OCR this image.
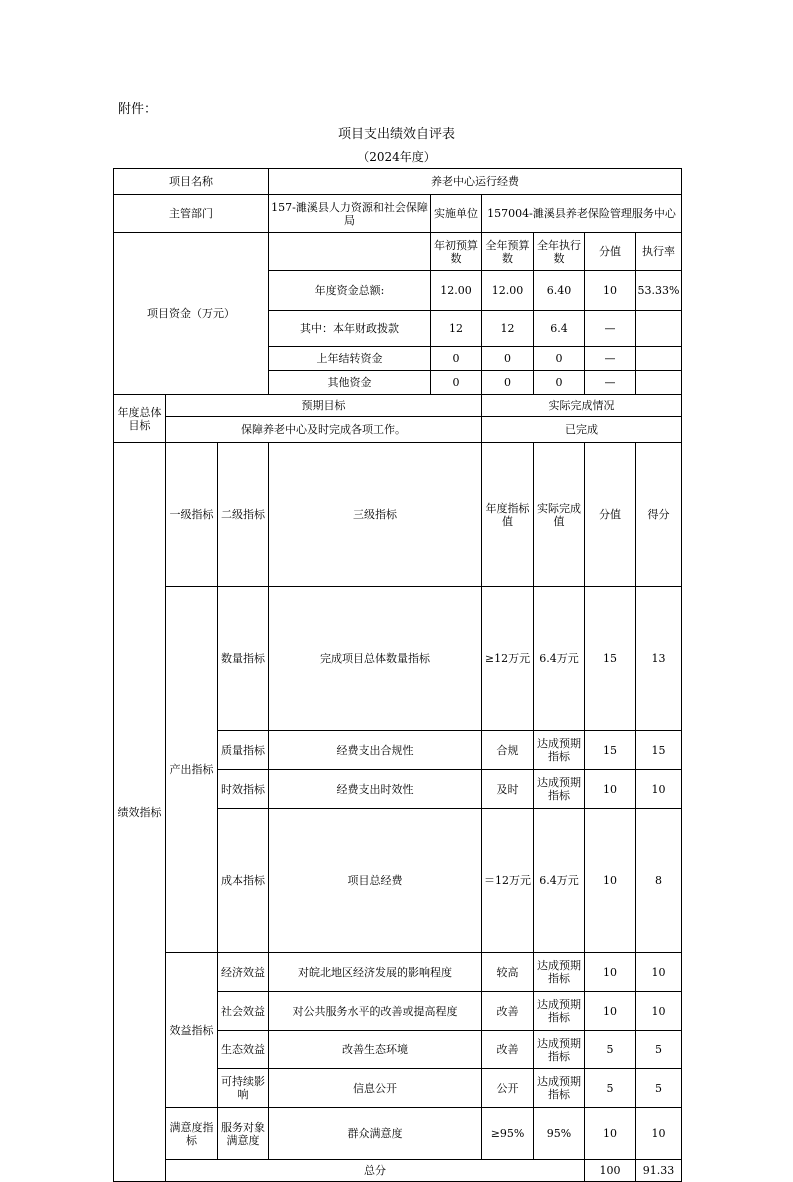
附件：
项目支出绩效自评表
（2024年度）
项目名称			养老中心运行经费						
主管部门			157-濉溪县人力资源和社会保障局	实施单位	157004-濉溪县养老保险管理服务中心				
项目资金（万元）				年初预算数	全年预算数	全年执行数	分值	执行率	
			年度资金总额:	12.00	12.00	6.40	10	53.33%	
			其中：本年财政拨款	12	12	6.4	—		
			上年结转资金	0	0	0	—		
			其他资金	0	0	0	—		
年度总体目标	预期目标				实际完成情况				
	保障养老中心及时完成各项工作。				已完成				
绩效指标	一级指标	二级指标	三级指标		年度指标值	实际完成值	分值	得分	
	产出指标	数量指标	完成项目总体数量指标		≥12万元	6.4万元	15	13	
		质量指标	经费支出合规性		合规	达成预期指标	15	15	
		时效指标	经费支出时效性		及时	达成预期指标	10	10	
		成本指标	项目总经费		＝12万元	6.4万元	10	8	
	效益指标	经济效益	对皖北地区经济发展的影响程度		较高	达成预期指标	10	10	
		社会效益	对公共服务水平的改善或提高程度		改善	达成预期指标	10	10	
		生态效益	改善生态环境		改善	达成预期指标	5	5	
		可持续影响	信息公开		公开	达成预期指标	5	5	
	满意度指标	服务对象满意度	群众满意度		≥95%	95%	10	10	
	总分						100	91.33	
